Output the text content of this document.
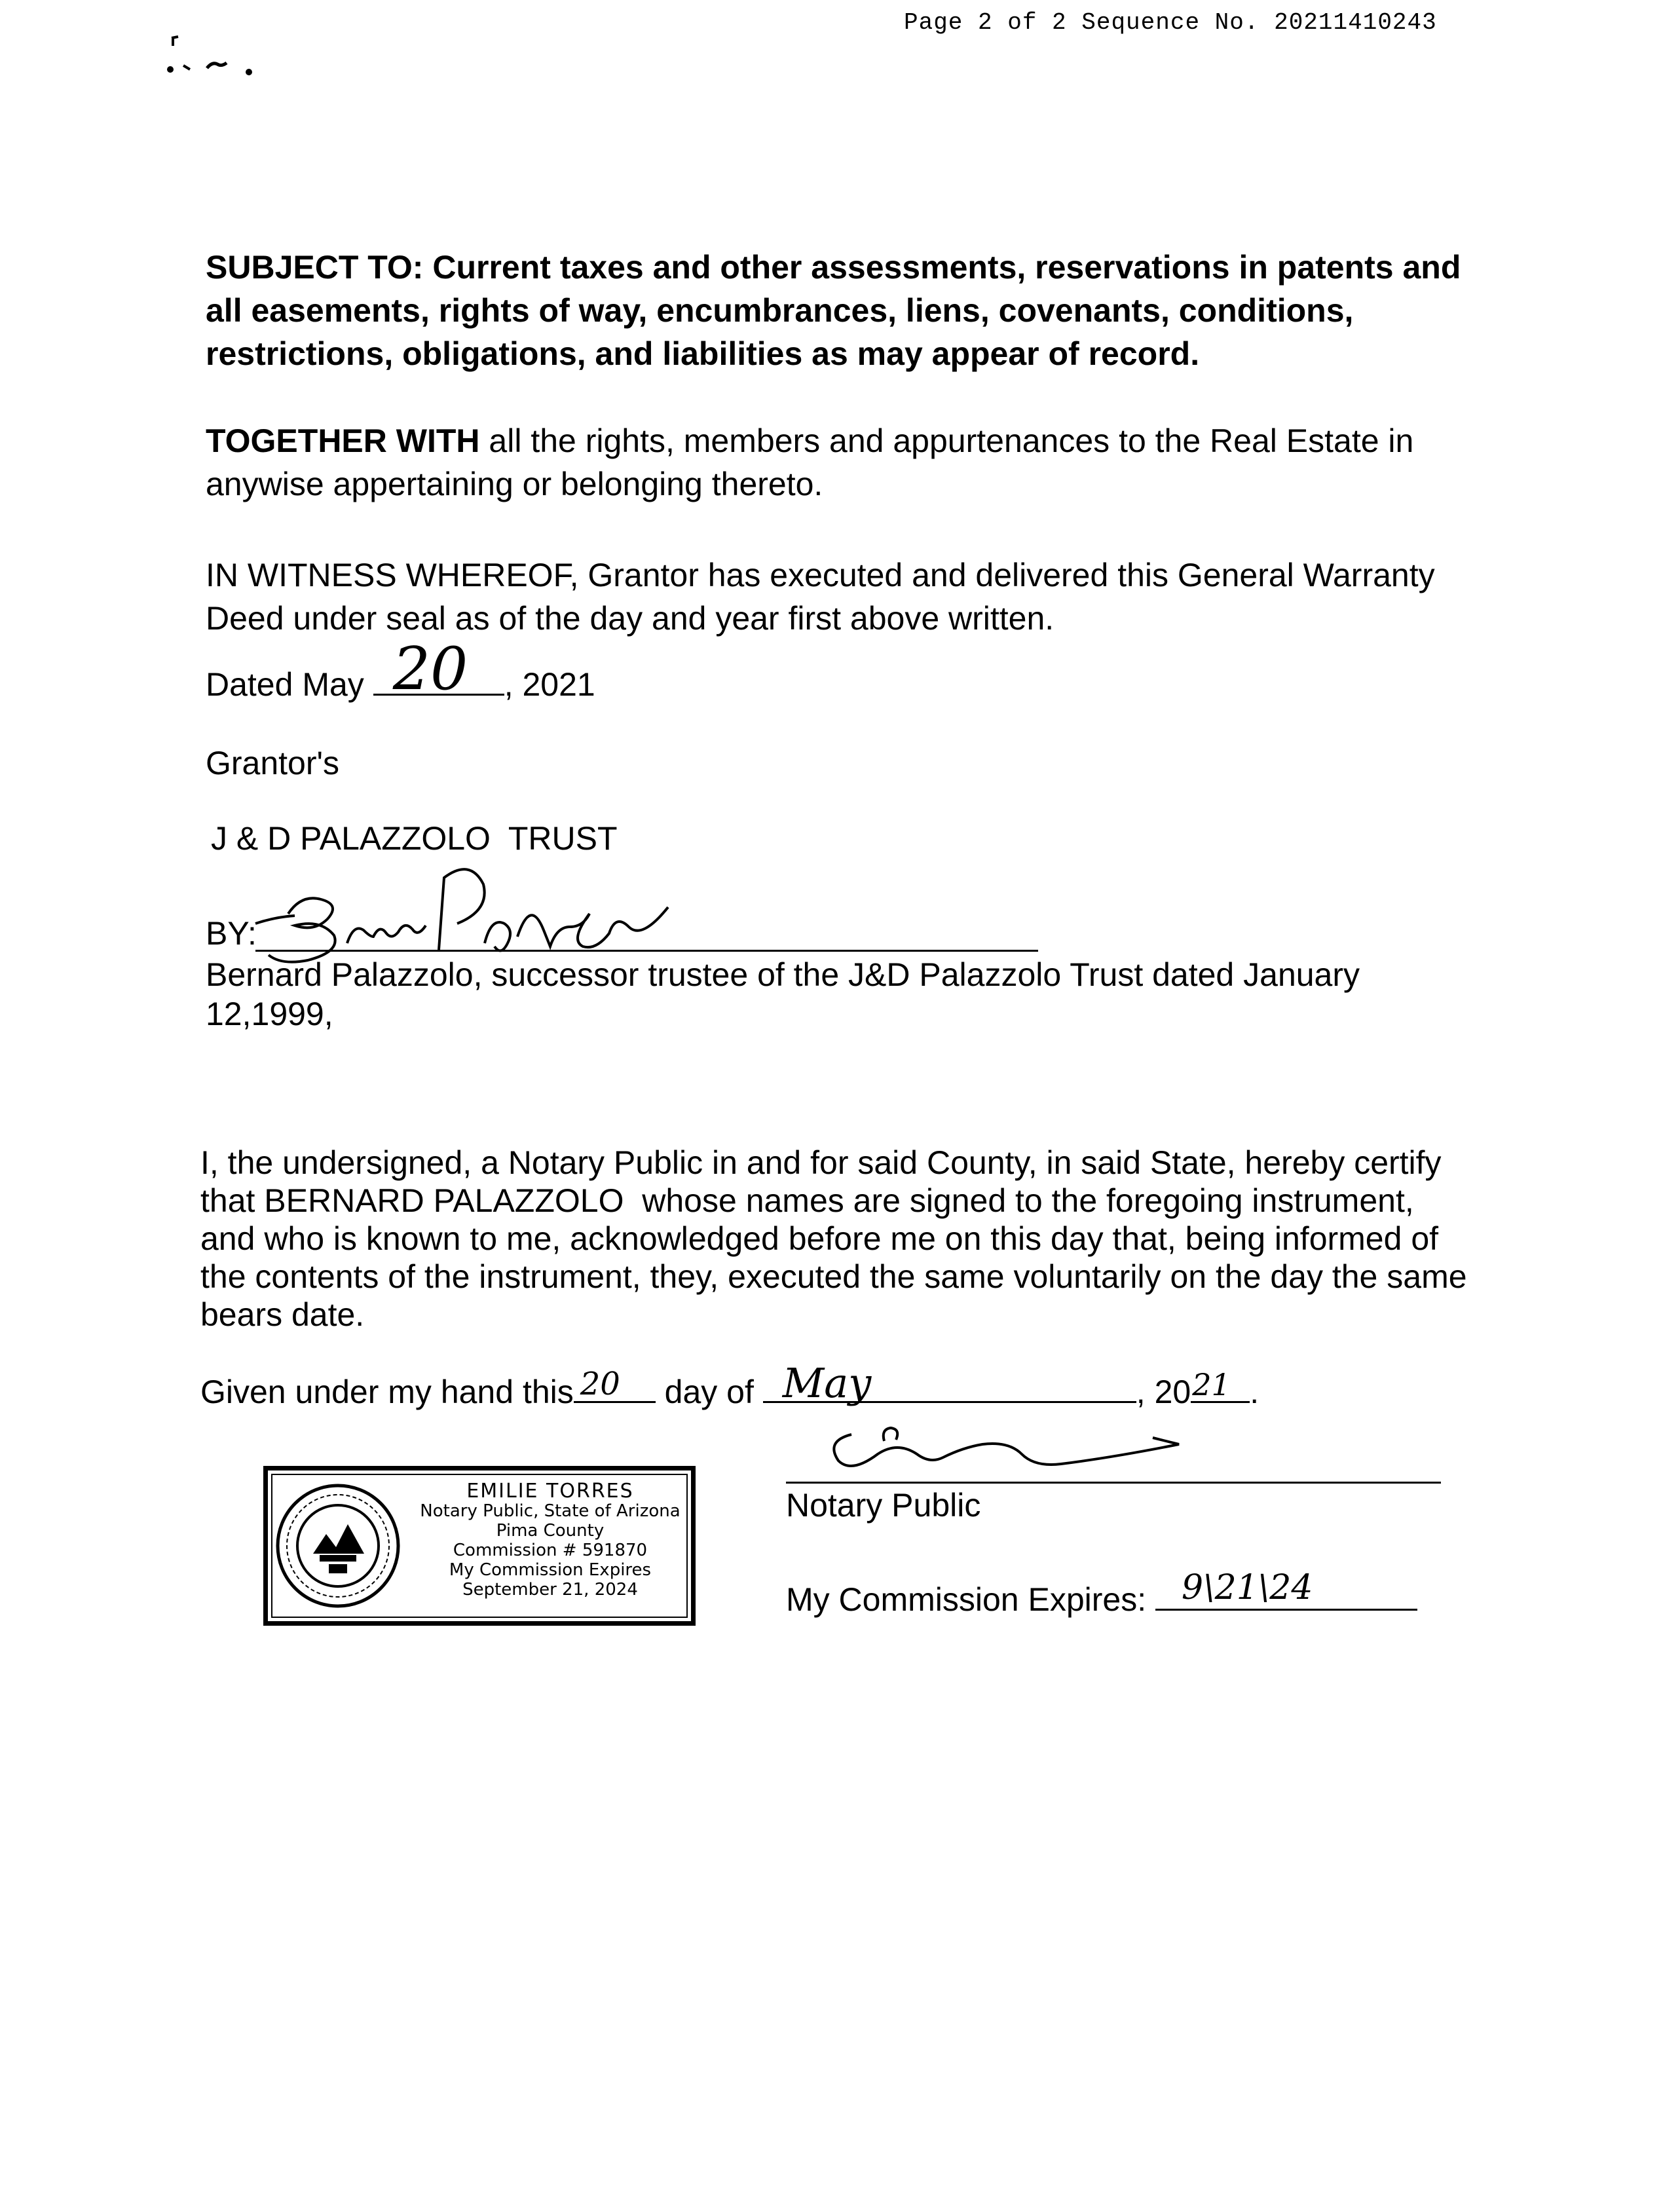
Page 2 of 2 Sequence No. 20211410243
SUBJECT TO: Current taxes and other assessments, reservations in patents and all easements, rights of way, encumbrances, liens, covenants, conditions, restrictions, obligations, and liabilities as may appear of record.
TOGETHER WITH all the rights, members and appurtenances to the Real Estate in anywise appertaining or belonging thereto.
IN WITNESS WHEREOF, Grantor has executed and delivered this General Warranty Deed under seal as of the day and year first above written.
Dated May 20 , 2021
Grantor's
J & D PALAZZOLO  TRUST
BY:
Bernard Palazzolo, successor trustee of the J&D Palazzolo Trust dated January
12,1999,
I, the undersigned, a Notary Public in and for said County, in said State, hereby certify
that BERNARD PALAZZOLO  whose names are signed to the foregoing instrument,
and who is known to me, acknowledged before me on this day that, being informed of
the contents of the instrument, they, executed the same voluntarily on the day the same
bears date.
Given under my hand this 20 day of May	, 20 21 .
Notary Public
EMILIE TORRES
Notary Public, State of Arizona
Pima County
Commission # 591870
My Commission Expires
September 21, 2024	My Commission Expires: 9\21\24
